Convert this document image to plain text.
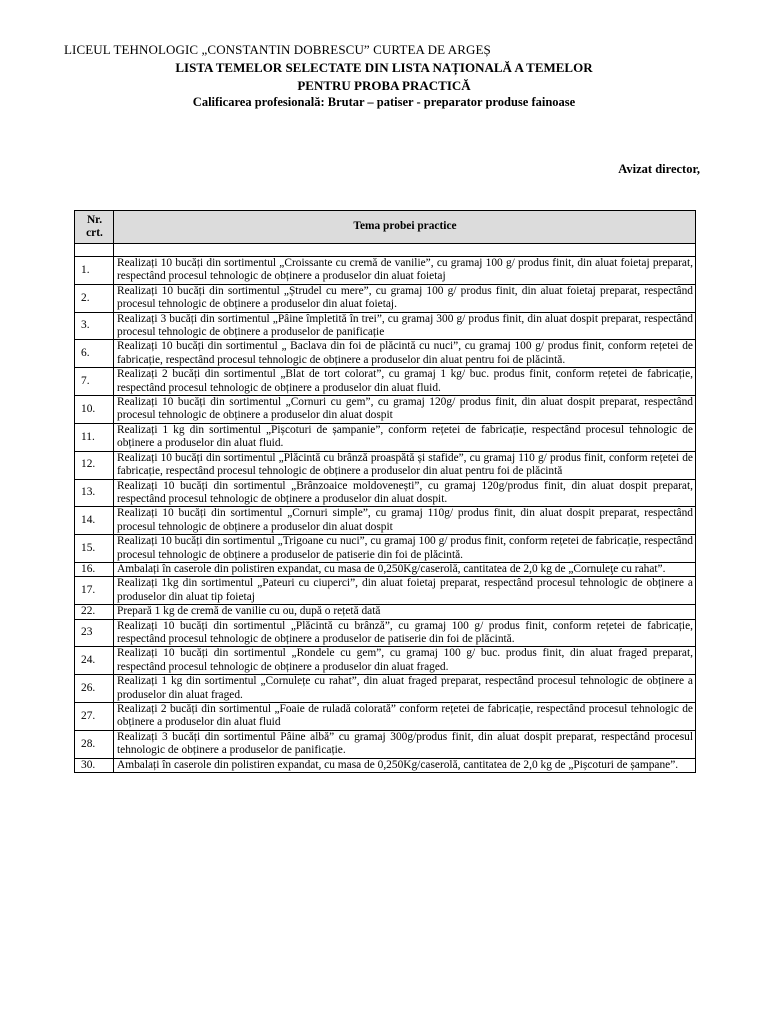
LICEUL TEHNOLOGIC „CONSTANTIN DOBRESCU” CURTEA DE ARGEȘ
LISTA TEMELOR SELECTATE DIN LISTA NAȚIONALĂ A TEMELOR
PENTRU PROBA PRACTICĂ
Calificarea profesională: Brutar – patiser - preparator produse fainoase
Avizat director,
Nr. crt.	Tema probei practice

1.	Realizați 10 bucăți din sortimentul „Croissante cu cremă de vanilie”, cu gramaj 100 g/ produs finit, din aluat foietaj preparat, respectând procesul tehnologic de obținere a produselor din aluat foietaj
2.	Realizați 10 bucăți din sortimentul „Ștrudel cu mere”, cu gramaj 100 g/ produs finit, din aluat foietaj preparat, respectând procesul tehnologic de obținere a produselor din aluat foietaj.
3.	Realizați 3 bucăți din sortimentul „Pâine împletită în trei”, cu gramaj 300 g/ produs finit, din aluat dospit preparat, respectând procesul tehnologic de obținere a produselor de panificație
6.	Realizați 10 bucăți din sortimentul „ Baclava din foi de plăcintă cu nuci”, cu gramaj 100 g/ produs finit, conform rețetei de fabricație, respectând procesul tehnologic de obținere a produselor din aluat pentru foi de plăcintă.
7.	Realizați 2 bucăți din sortimentul „Blat de tort colorat”, cu gramaj 1 kg/ buc. produs finit, conform rețetei de fabricație, respectând procesul tehnologic de obținere a produselor din aluat fluid.
10.	Realizați 10 bucăți din sortimentul „Cornuri cu gem”, cu gramaj 120g/ produs finit, din aluat dospit preparat, respectând procesul tehnologic de obținere a produselor din aluat dospit
11.	Realizați 1 kg din sortimentul „Pișcoturi de șampanie”, conform rețetei de fabricație, respectând procesul tehnologic de obținere a produselor din aluat fluid.
12.	Realizați 10 bucăți din sortimentul „Plăcintă cu brânză proaspătă și stafide”, cu gramaj 110 g/ produs finit, conform rețetei de fabricație, respectând procesul tehnologic de obținere a produselor din aluat pentru foi de plăcintă
13.	Realizați 10 bucăți din sortimentul „Brânzoaice moldovenești”, cu gramaj 120g/produs finit, din aluat dospit preparat, respectând procesul tehnologic de obținere a produselor din aluat dospit.
14.	Realizați 10 bucăți din sortimentul „Cornuri simple”, cu gramaj 110g/ produs finit, din aluat dospit preparat, respectând procesul tehnologic de obținere a produselor din aluat dospit
15.	Realizați 10 bucăți din sortimentul „Trigoane cu nuci”, cu gramaj 100 g/ produs finit, conform rețetei de fabricație, respectând procesul tehnologic de obținere a produselor de patiserie din foi de plăcintă.
16.	Ambalați în caserole din polistiren expandat, cu masa de 0,250Kg/caserolă, cantitatea de 2,0 kg de „Cornuleţe cu rahat”.
17.	Realizați 1kg din sortimentul „Pateuri cu ciuperci”, din aluat foietaj preparat, respectând procesul tehnologic de obținere a produselor din aluat tip foietaj
22.	Prepară 1 kg de cremă de vanilie cu ou, după o rețetă dată
23	Realizați 10 bucăți din sortimentul „Plăcintă cu brânză”, cu gramaj 100 g/ produs finit, conform rețetei de fabricație, respectând procesul tehnologic de obținere a produselor de patiserie din foi de plăcintă.
24.	Realizați 10 bucăți din sortimentul „Rondele cu gem”, cu gramaj 100 g/ buc. produs finit, din aluat fraged preparat, respectând procesul tehnologic de obținere a produselor din aluat fraged.
26.	Realizați 1 kg din sortimentul „Cornulețe cu rahat”, din aluat fraged preparat, respectând procesul tehnologic de obținere a produselor din aluat fraged.
27.	Realizați 2 bucăți din sortimentul „Foaie de ruladă colorată” conform rețetei de fabricație, respectând procesul tehnologic de obținere a produselor din aluat fluid
28.	Realizați 3 bucăți din sortimentul Pâine albă” cu gramaj 300g/produs finit, din aluat dospit preparat, respectând procesul tehnologic de obținere a produselor de panificație.
30.	Ambalați în caserole din polistiren expandat, cu masa de 0,250Kg/caserolă, cantitatea de 2,0 kg de „Pișcoturi de șampane”.
